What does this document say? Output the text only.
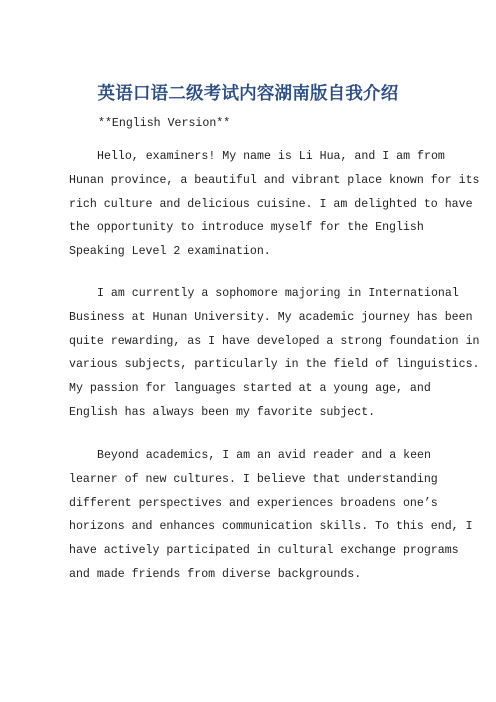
英语口语二级考试内容湖南版自我介绍

**English Version**

Hello, examiners! My name is Li Hua, and I am from
Hunan province, a beautiful and vibrant place known for its
rich culture and delicious cuisine. I am delighted to have
the opportunity to introduce myself for the English
Speaking Level 2 examination.
I am currently a sophomore majoring in International
Business at Hunan University. My academic journey has been
quite rewarding, as I have developed a strong foundation in
various subjects, particularly in the field of linguistics.
My passion for languages started at a young age, and
English has always been my favorite subject.
Beyond academics, I am an avid reader and a keen
learner of new cultures. I believe that understanding
different perspectives and experiences broadens one’s
horizons and enhances communication skills. To this end, I
have actively participated in cultural exchange programs
and made friends from diverse backgrounds.
